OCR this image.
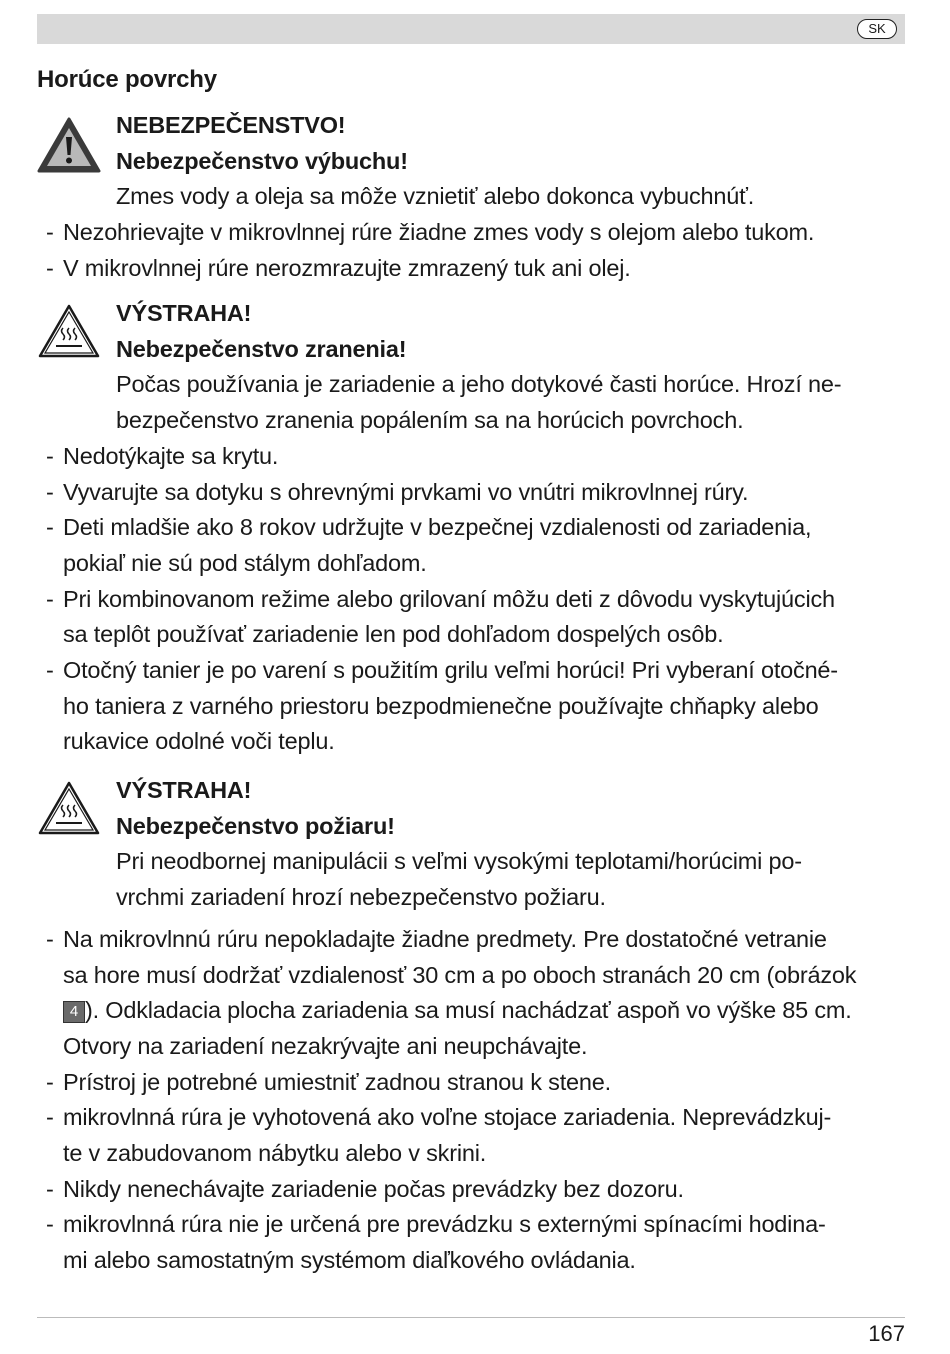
SK
Horúce povrchy
NEBEZPEČENSTVO!
Nebezpečenstvo výbuchu!
Zmes vody a oleja sa môže vznietiť alebo dokonca vybuchnúť.
- Nezohrievajte v mikrovlnnej rúre žiadne zmes vody s olejom alebo tukom.
- V mikrovlnnej rúre nerozmrazujte zmrazený tuk ani olej.
VÝSTRAHA!
Nebezpečenstvo zranenia!
Počas používania je zariadenie a jeho dotykové časti horúce. Hrozí ne-
bezpečenstvo zranenia popálením sa na horúcich povrchoch.
- Nedotýkajte sa krytu.
- Vyvarujte sa dotyku s ohrevnými prvkami vo vnútri mikrovlnnej rúry.
- Deti mladšie ako 8 rokov udržujte v bezpečnej vzdialenosti od zariadenia,
pokiaľ nie sú pod stálym dohľadom.
- Pri kombinovanom režime alebo grilovaní môžu deti z dôvodu vyskytujúcich
sa teplôt používať zariadenie len pod dohľadom dospelých osôb.
- Otočný tanier je po varení s použitím grilu veľmi horúci! Pri vyberaní otočné-
ho taniera z varného priestoru bezpodmienečne používajte chňapky alebo
rukavice odolné voči teplu.
VÝSTRAHA!
Nebezpečenstvo požiaru!
Pri neodbornej manipulácii s veľmi vysokými teplotami/horúcimi po-
vrchmi zariadení hrozí nebezpečenstvo požiaru.
- Na mikrovlnnú rúru nepokladajte žiadne predmety. Pre dostatočné vetranie
sa hore musí dodržať vzdialenosť 30 cm a po oboch stranách 20 cm (obrázok
4 ). Odkladacia plocha zariadenia sa musí nachádzať aspoň vo výške 85 cm.
Otvory na zariadení nezakrývajte ani neupchávajte.
- Prístroj je potrebné umiestniť zadnou stranou k stene.
- mikrovlnná rúra je vyhotovená ako voľne stojace zariadenia. Neprevádzkuj-
te v zabudovanom nábytku alebo v skrini.
- Nikdy nenechávajte zariadenie počas prevádzky bez dozoru.
- mikrovlnná rúra nie je určená pre prevádzku s externými spínacími hodina-
mi alebo samostatným systémom diaľkového ovládania.
167
